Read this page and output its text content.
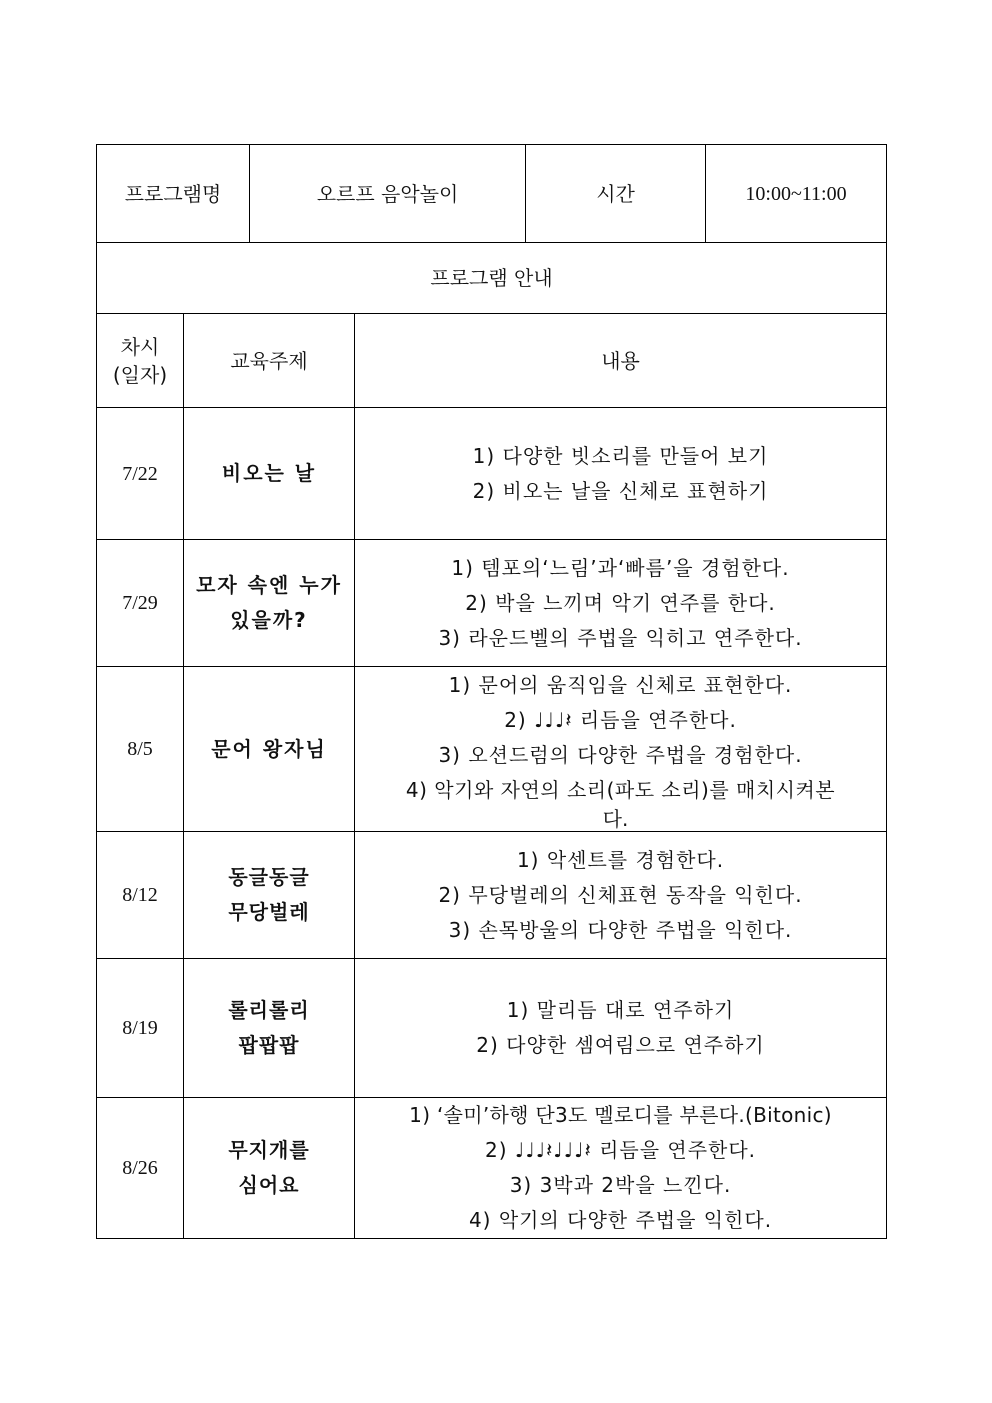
프로그램명		오르프 음악놀이		시간	10:00~11:00
프로그램 안내					

차시
(일자)	교육주제		내용		
7/22	비오는 날		1) 다양한 빗소리를 만들어 보기
2) 비오는 날을 신체로 표현하기		

7/29	모자 속엔 누가
있을까?		1) 템포의‘느림’과‘빠름’을 경험한다.
2) 박을 느끼며 악기 연주를 한다.
3) 라운드벨의 주법을 익히고 연주한다.		

8/5	문어 왕자님		1) 문어의 움직임을 신체로 표현한다.
2) ♩♩♩𝄽 리듬을 연주한다.
3) 오션드럼의 다양한 주법을 경험한다.
4) 악기와 자연의 소리(파도 소리)를 매치시켜본
다.		

8/12	동글동글
무당벌레		1) 악센트를 경험한다.
2) 무당벌레의 신체표현 동작을 익힌다.
3) 손목방울의 다양한 주법을 익힌다.		

8/19	롤리롤리
팝팝팝		1) 말리듬 대로 연주하기
2) 다양한 셈여림으로 연주하기		

8/26	무지개를
심어요		1) ‘솔미’하행 단3도 멜로디를 부른다.(Bitonic)
2) ♩♩♩𝄽♩♩♩𝄽 리듬을 연주한다.
3) 3박과 2박을 느낀다.
4) 악기의 다양한 주법을 익힌다.		
